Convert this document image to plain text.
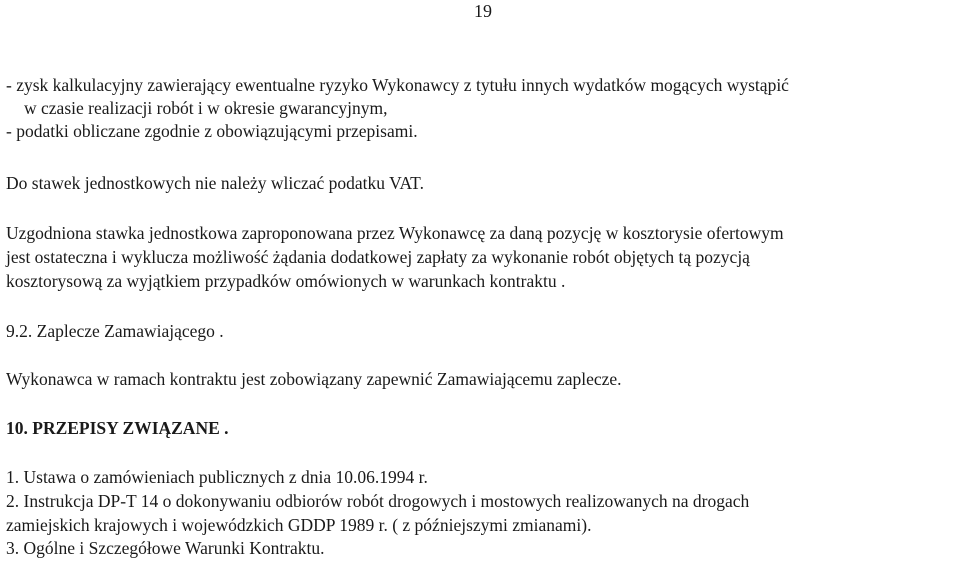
19
- zysk kalkulacyjny zawierający ewentualne ryzyko Wykonawcy z tytułu innych wydatków mogących wystąpić
w czasie realizacji robót i w okresie gwarancyjnym,
- podatki obliczane zgodnie z obowiązującymi przepisami.
Do stawek jednostkowych nie należy wliczać podatku VAT.
Uzgodniona stawka jednostkowa zaproponowana przez Wykonawcę za daną pozycję w kosztorysie ofertowym
jest ostateczna i wyklucza możliwość żądania dodatkowej zapłaty za wykonanie robót objętych tą pozycją
kosztorysową za wyjątkiem przypadków omówionych w warunkach kontraktu .
9.2. Zaplecze Zamawiającego .
Wykonawca w ramach kontraktu jest zobowiązany zapewnić Zamawiającemu zaplecze.
10. PRZEPISY ZWIĄZANE .
1. Ustawa o zamówieniach publicznych z dnia 10.06.1994 r.
2. Instrukcja DP-T 14 o dokonywaniu odbiorów robót drogowych i mostowych realizowanych na drogach
zamiejskich krajowych i wojewódzkich GDDP 1989 r. ( z późniejszymi zmianami).
3. Ogólne i Szczegółowe Warunki Kontraktu.
